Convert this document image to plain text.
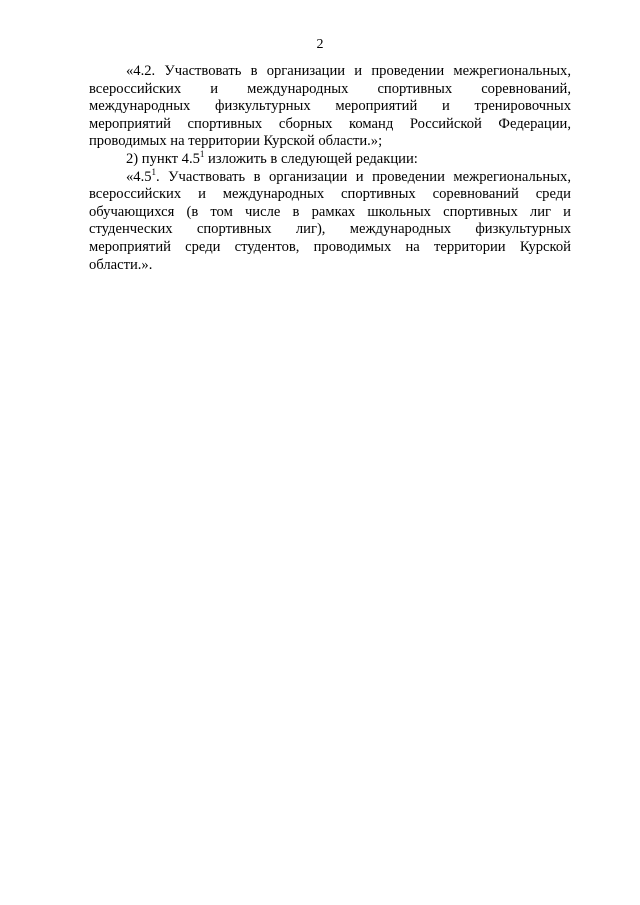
2

«4.2. Участвовать в организации и проведении межрегиональных, всероссийских и международных спортивных соревнований, международных физкультурных мероприятий и тренировочных мероприятий спортивных сборных команд Российской Федерации, проводимых на территории Курской области.»;

2) пункт $4.5^1$ изложить в следующей редакции:

«$4.5^1$. Участвовать в организации и проведении межрегиональных, всероссийских и международных спортивных соревнований среди обучающихся (в том числе в рамках школьных спортивных лиг и студенческих спортивных лиг), международных физкультурных мероприятий среди студентов, проводимых на территории Курской области.».
